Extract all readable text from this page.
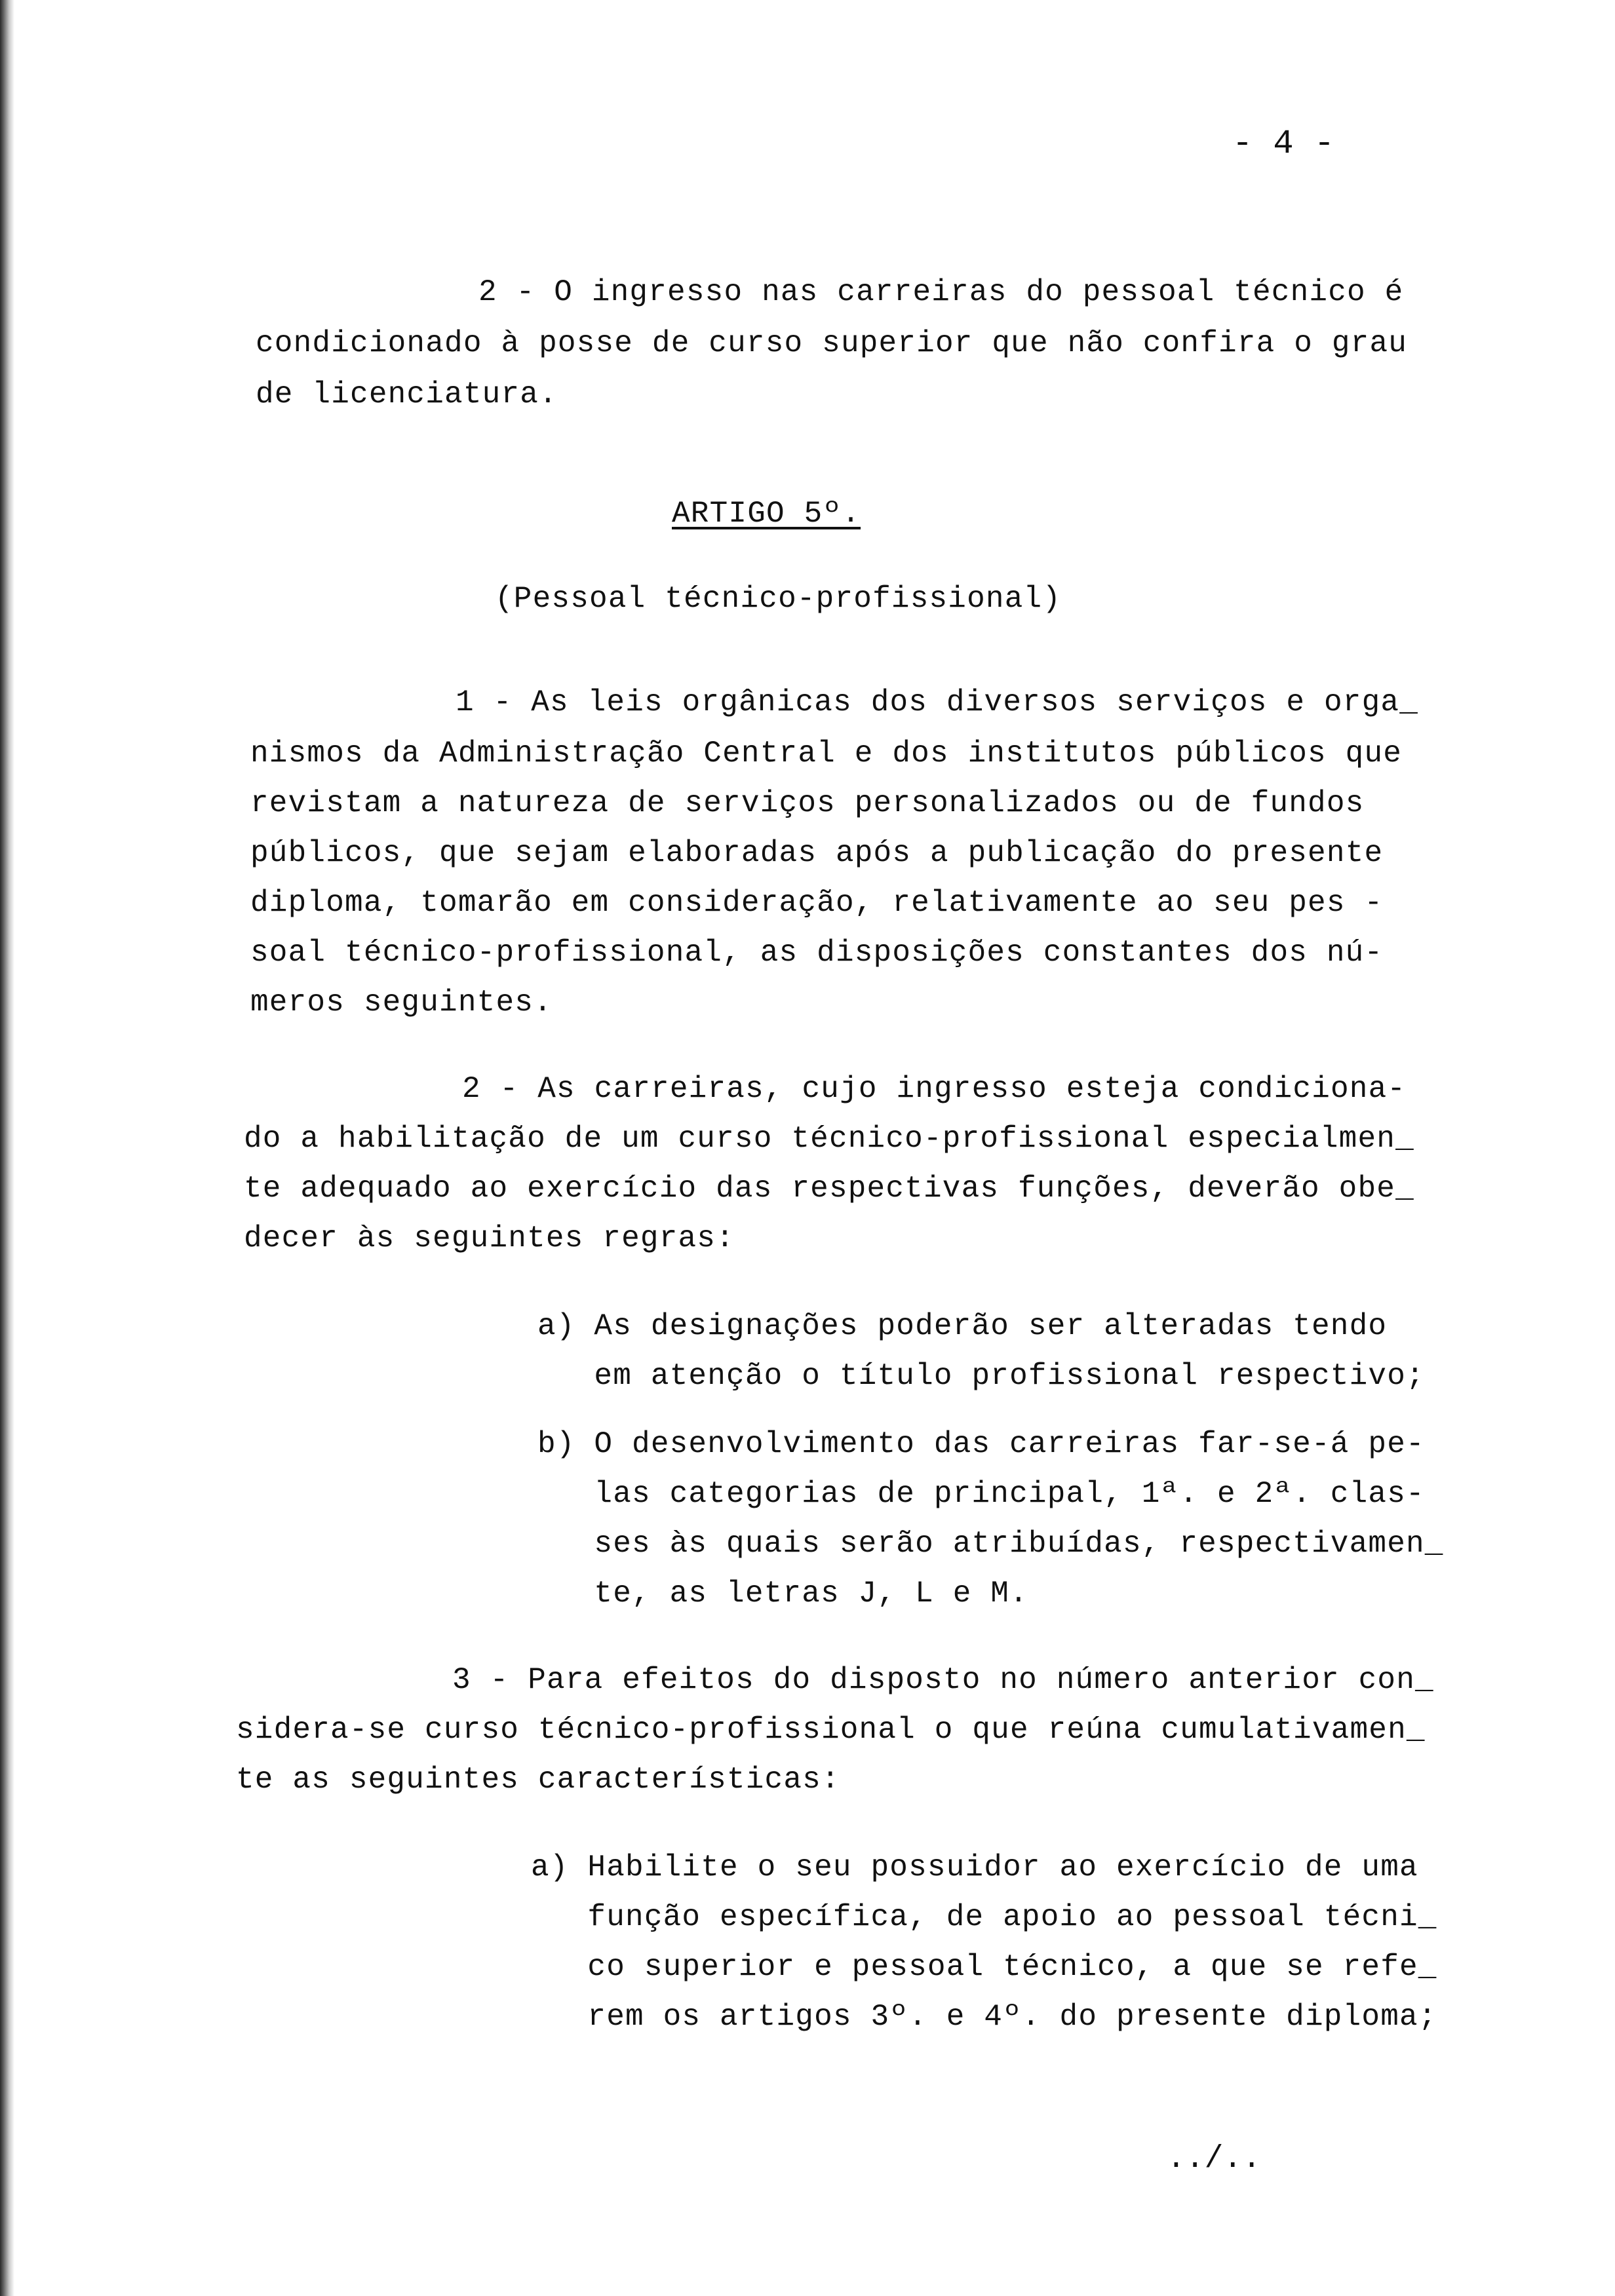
- 4 -
2 - O ingresso nas carreiras do pessoal técnico é
condicionado à posse de curso superior que não confira o grau
de licenciatura.
ARTIGO 5º.
(Pessoal técnico-profissional)
1 - As leis orgânicas dos diversos serviços e orga_
nismos da Administração Central e dos institutos públicos que
revistam a natureza de serviços personalizados ou de fundos
públicos, que sejam elaboradas após a publicação do presente
diploma, tomarão em consideração, relativamente ao seu pes -
soal técnico-profissional, as disposições constantes dos nú-
meros seguintes.
2 - As carreiras, cujo ingresso esteja condiciona-
do a habilitação de um curso técnico-profissional especialmen_
te adequado ao exercício das respectivas funções, deverão obe_
decer às seguintes regras:
a) As designações poderão ser alteradas tendo
em atenção o título profissional respectivo;
b) O desenvolvimento das carreiras far-se-á pe-
las categorias de principal, 1ª. e 2ª. clas-
ses às quais serão atribuídas, respectivamen_
te, as letras J, L e M.
3 - Para efeitos do disposto no número anterior con_
sidera-se curso técnico-profissional o que reúna cumulativamen_
te as seguintes características:
a) Habilite o seu possuidor ao exercício de uma
função específica, de apoio ao pessoal técni_
co superior e pessoal técnico, a que se refe_
rem os artigos 3º. e 4º. do presente diploma;
../..
